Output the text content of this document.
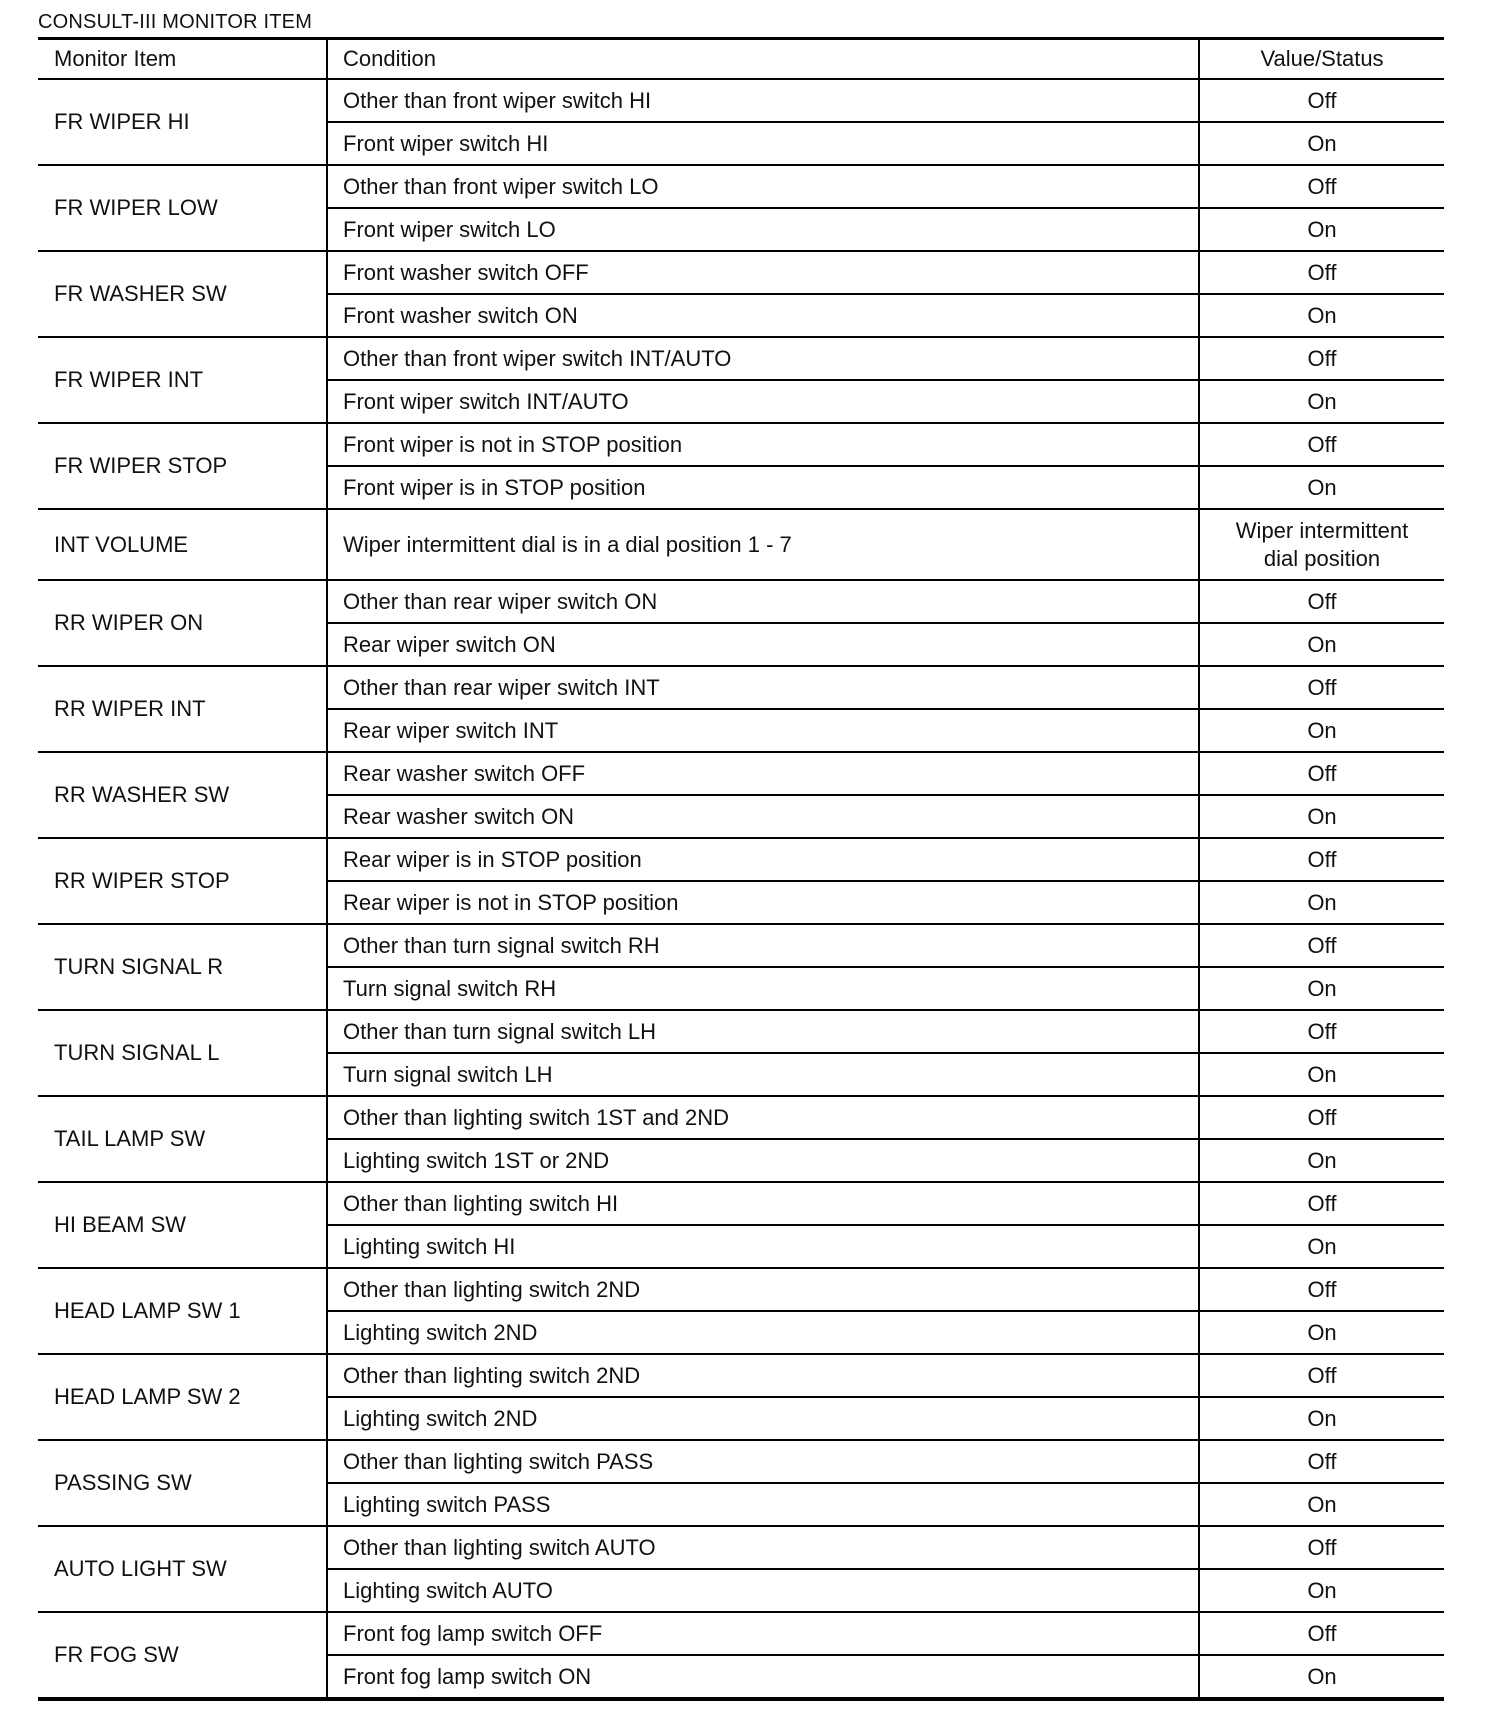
CONSULT-III MONITOR ITEM
Monitor Item	Condition	Value/Status
FR WIPER HI	Other than front wiper switch HI	Off
	Front wiper switch HI	On
FR WIPER LOW	Other than front wiper switch LO	Off
	Front wiper switch LO	On
FR WASHER SW	Front washer switch OFF	Off
	Front washer switch ON	On
FR WIPER INT	Other than front wiper switch INT/AUTO	Off
	Front wiper switch INT/AUTO	On
FR WIPER STOP	Front wiper is not in STOP position	Off
	Front wiper is in STOP position	On
INT VOLUME	Wiper intermittent dial is in a dial position 1 - 7	Wiper intermittent
dial position

RR WIPER ON	Other than rear wiper switch ON	Off
	Rear wiper switch ON	On
RR WIPER INT	Other than rear wiper switch INT	Off
	Rear wiper switch INT	On
RR WASHER SW	Rear washer switch OFF	Off
	Rear washer switch ON	On
RR WIPER STOP	Rear wiper is in STOP position	Off
	Rear wiper is not in STOP position	On
TURN SIGNAL R	Other than turn signal switch RH	Off
	Turn signal switch RH	On
TURN SIGNAL L	Other than turn signal switch LH	Off
	Turn signal switch LH	On
TAIL LAMP SW	Other than lighting switch 1ST and 2ND	Off
	Lighting switch 1ST or 2ND	On
HI BEAM SW	Other than lighting switch HI	Off
	Lighting switch HI	On
HEAD LAMP SW 1	Other than lighting switch 2ND	Off
	Lighting switch 2ND	On
HEAD LAMP SW 2	Other than lighting switch 2ND	Off
	Lighting switch 2ND	On
PASSING SW	Other than lighting switch PASS	Off
	Lighting switch PASS	On
AUTO LIGHT SW	Other than lighting switch AUTO	Off
	Lighting switch AUTO	On
FR FOG SW	Front fog lamp switch OFF	Off
	Front fog lamp switch ON	On
